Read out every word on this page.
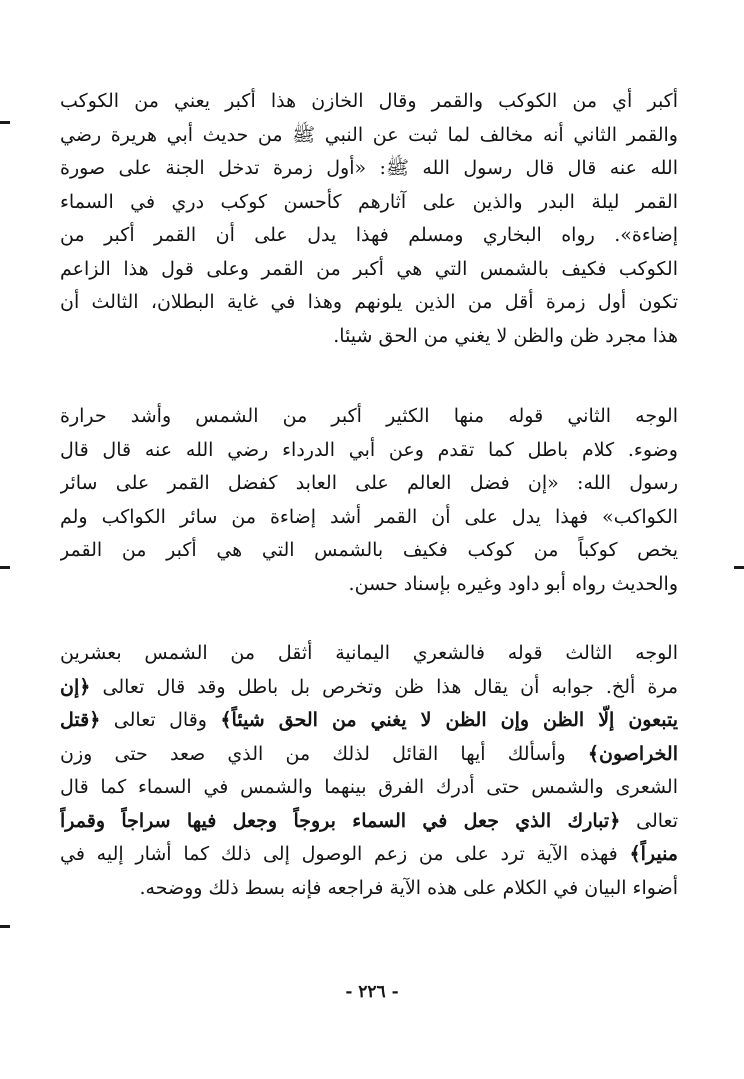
أكبر أي من الكوكب والقمر وقال الخازن هذا أكبر يعني من الكوكب
والقمر الثاني أنه مخالف لما ثبت عن النبي ﷺ من حديث أبي هريرة رضي
الله عنه قال قال رسول الله ﷺ: «أول زمرة تدخل الجنة على صورة
القمر ليلة البدر والذين على آثارهم كأحسن كوكب دري في السماء
إضاءة». رواه البخاري ومسلم فهذا يدل على أن القمر أكبر من
الكوكب فكيف بالشمس التي هي أكبر من القمر وعلى قول هذا الزاعم
تكون أول زمرة أقل من الذين يلونهم وهذا في غاية البطلان، الثالث أن
هذا مجرد ظن والظن لا يغني من الحق شيئا.
الوجه الثاني قوله منها الكثير أكبر من الشمس وأشد حرارة
وضوء. كلام باطل كما تقدم وعن أبي الدرداء رضي الله عنه قال قال
رسول الله: «إن فضل العالم على العابد كفضل القمر على سائر
الكواكب» فهذا يدل على أن القمر أشد إضاءة من سائر الكواكب ولم
يخص كوكباً من كوكب فكيف بالشمس التي هي أكبر من القمر
والحديث رواه أبو داود وغيره بإسناد حسن.
الوجه الثالث قوله فالشعري اليمانية أثقل من الشمس بعشرين
مرة ألخ. جوابه أن يقال هذا ظن وتخرص بل باطل وقد قال تعالى ﴿إن
يتبعون إلّا الظن وإن الظن لا يغني من الحق شيئاً﴾ وقال تعالى ﴿قتل
الخراصون﴾ وأسألك أيها القائل لذلك من الذي صعد حتى وزن
الشعرى والشمس حتى أدرك الفرق بينهما والشمس في السماء كما قال
تعالى ﴿تبارك الذي جعل في السماء بروجاً وجعل فيها سراجاً وقمراً
منيراً﴾ فهذه الآية ترد على من زعم الوصول إلى ذلك كما أشار إليه في
أضواء البيان في الكلام على هذه الآية فراجعه فإنه بسط ذلك ووضحه.
- ٢٢٦ -
